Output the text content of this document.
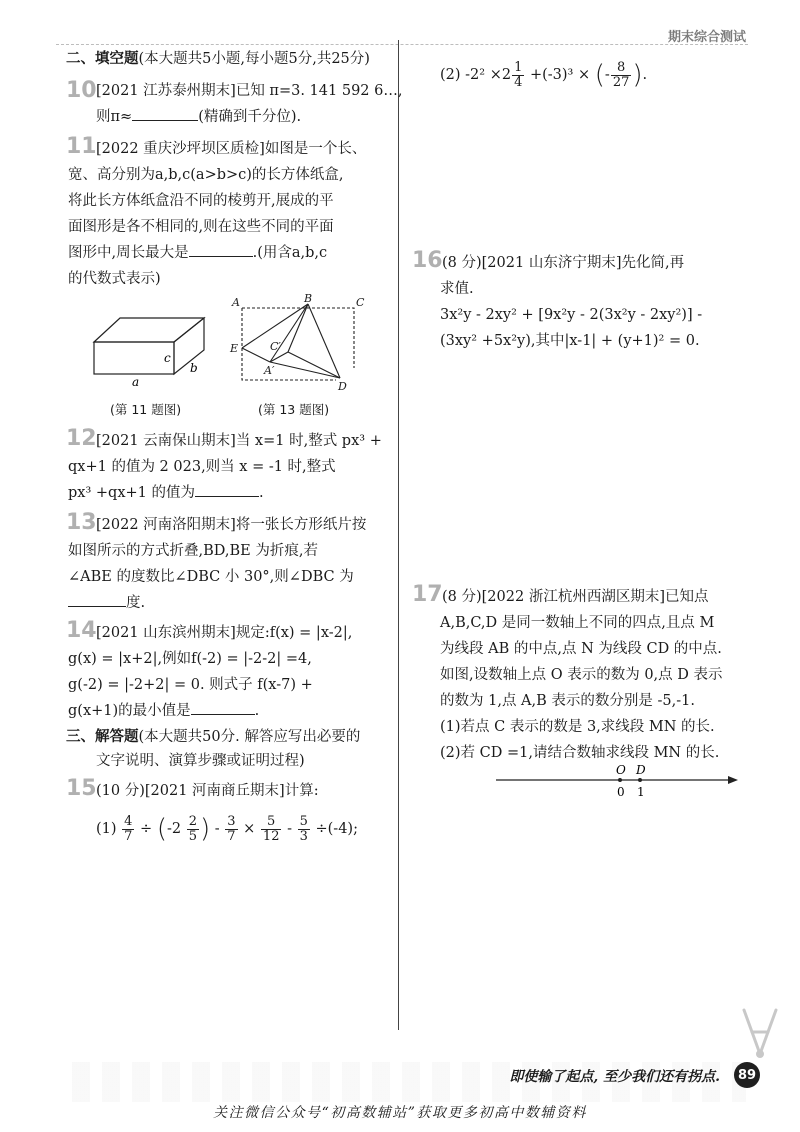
期末综合测试
二、填空题(本大题共5小题,每小题5分,共25分)
10 [2021 江苏泰州期末]已知 π=3. 141 592 6…,
则π≈	(精确到千分位).
11 [2022 重庆沙坪坝区质检]如图是一个长、
宽、高分别为a,b,c(a>b>c)的长方体纸盒,
将此长方体纸盒沿不同的棱剪开,展成的平
面图形是各不相同的,则在这些不同的平面
图形中,周长最大是	.(用含a,b,c
的代数式表示)
a
b
c
(第 11 题图)
A	B	C
E	C′
A′
D
(第 13 题图)
12 [2021 云南保山期末]当 x=1 时,整式 px³ +
qx+1 的值为 2 023,则当 x = -1 时,整式
px³ +qx+1 的值为	.
13 [2022 河南洛阳期末]将一张长方形纸片按
如图所示的方式折叠,BD,BE 为折痕,若
∠ABE 的度数比∠DBC 小 30°,则∠DBC 为
度.
14 [2021 山东滨州期末]规定:f(x) = |x-2|,
g(x) = |x+2|,例如f(-2) = |-2-2| =4,
g(-2) = |-2+2| = 0. 则式子 f(x-7) +
g(x+1)的最小值是	.
三、解答题(本大题共50分. 解答应写出必要的
文字说明、演算步骤或证明过程)
15 (10 分)[2021 河南商丘期末]计算:
$(1) \frac{4}{7} \div (-2 \frac{2}{5}$ ) - $\frac{3}{7} \times \frac{5}{12} - \frac{5}{3} \div(-4)$;
(2) $-2^2 \times 2 \frac{1}{4} +(-3)^3$ × (- $\frac{8}{27}$ ).
16 (8 分)[2021 山东济宁期末]先化简,再
求值.
3x²y - 2xy² + [9x²y - 2(3x²y - 2xy²)] -
(3xy² +5x²y),其中|x-1| + (y+1)² = 0.
17 (8 分)[2022 浙江杭州西湖区期末]已知点
A,B,C,D 是同一数轴上不同的四点,且点 M
为线段 AB 的中点,点 N 为线段 CD 的中点.
如图,设数轴上点 O 表示的数为 0,点 D 表示
的数为 1,点 A,B 表示的数分别是 -5,-1.
(1)若点 C 表示的数是 3,求线段 MN 的长.
(2)若 CD =1,请结合数轴求线段 MN 的长.
O D
0 1
即使输了起点, 至少我们还有拐点.	89
关注微信公众号“初高数辅站”获取更多初高中数辅资料
